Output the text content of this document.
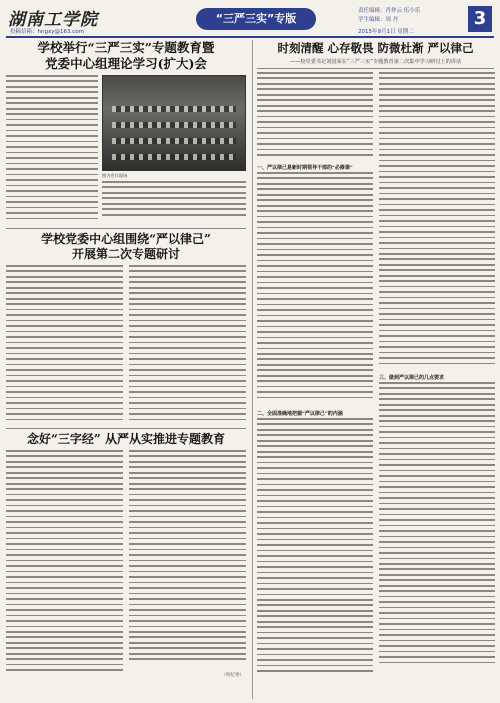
湖南工学院
投稿信箱：hngxy@163.com
“三严三实”专版
责任编辑：肖仲云 伍小乐
学生编辑：周 丹
2015年9月1日 星期二
3
学校举行“三严三实”专题教育暨
党委中心组理论学习(扩大)会
图为会议现场
学校党委中心组围绕“严以律己”
开展第二次专题研讨
念好“三字经” 从严从实推进专题教育
（校纪委）
时刻清醒 心存敬畏 防微杜渐 严以律己
——校党委书记刘国荣在“三严三实”专题教育第二次集中学习研讨上的讲话
一、严以律己是新时期领导干部的“必修课”
二、全面准确地把握“严以律己”的内涵
三、做到严以律己的几点要求
